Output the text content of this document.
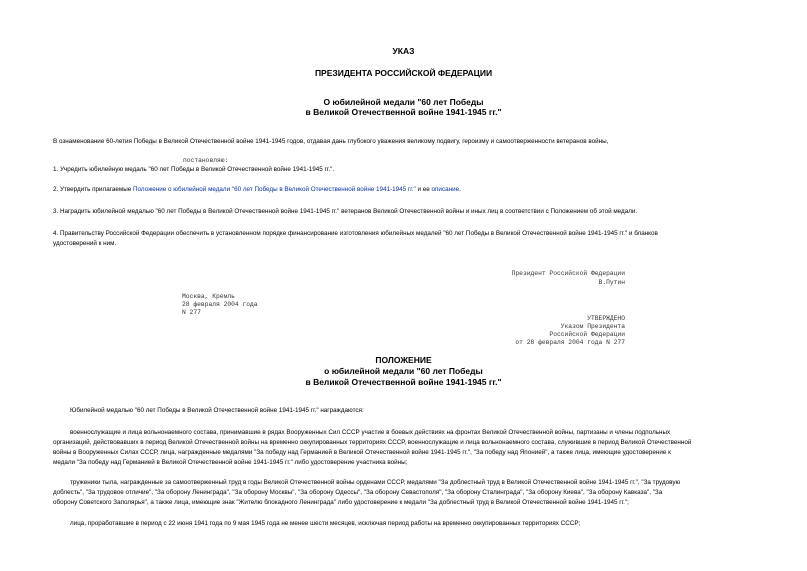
УКАЗ
ПРЕЗИДЕНТА РОССИЙСКОЙ ФЕДЕРАЦИИ
О юбилейной медали "60 лет Победы
в Великой Отечественной войне 1941-1945 гг."
В ознаменование 60-летия Победы в Великой Отечественной войне 1941-1945 годов, отдавая дань глубокого уважения великому подвигу, героизму и самоотверженности ветеранов войны,
постановляю:
1. Учредить юбилейную медаль "60 лет Победы в Великой Отечественной войне 1941-1945 гг.".
2. Утвердить прилагаемые Положение о юбилейной медали "60 лет Победы в Великой Отечественной войне 1941-1945 гг." и ее описание.
3. Наградить юбилейной медалью "60 лет Победы в Великой Отечественной войне 1941-1945 гг." ветеранов Великой Отечественной войны и иных лиц в соответствии с Положением об этой медали.
4. Правительству Российской Федерации обеспечить в установленном порядке финансирование изготовления юбилейных медалей "60 лет Победы в Великой Отечественной войне 1941-1945 гг." и бланков
удостоверений к ним.
Президент Российской Федерации
В.Путин
Москва, Кремль
28 февраля 2004 года
N 277
УТВЕРЖДЕНО
Указом Президента
Российской Федерации
от 28 февраля 2004 года N 277
ПОЛОЖЕНИЕ
о юбилейной медали "60 лет Победы
в Великой Отечественной войне 1941-1945 гг."
Юбилейной медалью "60 лет Победы в Великой Отечественной войне 1941-1945 гг." награждаются:
военнослужащие и лица вольнонаемного состава, принимавшие в рядах Вооруженных Сил СССР участие в боевых действиях на фронтах Великой Отечественной войны, партизаны и члены подпольных
организаций, действовавших в период Великой Отечественной войны на временно оккупированных территориях СССР, военнослужащие и лица вольнонаемного состава, служившие в период Великой Отечественной
войны в Вооруженных Силах СССР, лица, награжденные медалями "За победу над Германией в Великой Отечественной войне 1941-1945 гг.", "За победу над Японией", а также лица, имеющие удостоверение к
медали "За победу над Германией в Великой Отечественной войне 1941-1945 гг." либо удостоверение участника войны;
труженики тыла, награжденные за самоотверженный труд в годы Великой Отечественной войны орденами СССР, медалями "За доблестный труд в Великой Отечественной войне 1941-1945 гг.", "За трудовую
доблесть", "За трудовое отличие", "За оборону Ленинграда", "За оборону Москвы", "За оборону Одессы", "За оборону Севастополя", "За оборону Сталинграда", "За оборону Киева", "За оборону Кавказа", "За
оборону Советского Заполярья", а также лица, имеющие знак "Жителю блокадного Ленинграда" либо удостоверение к медали "За доблестный труд в Великой Отечественной войне 1941-1945 гг.";
лица, проработавшие в период с 22 июня 1941 года по 9 мая 1945 года не менее шести месяцев, исключая период работы на временно оккупированных территориях СССР;
